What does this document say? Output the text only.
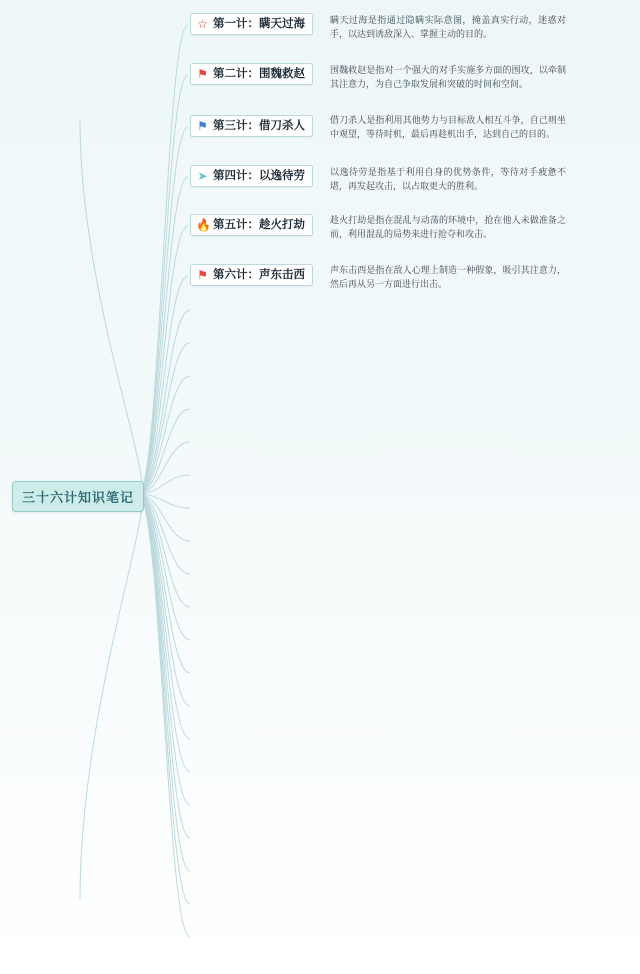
三十六计知识笔记
☆ 第一计：瞒天过海	瞒天过海是指通过隐瞒实际意图，掩盖真实行动，迷惑对手，以达到诱敌深入、掌握主动的目的。
⚑ 第二计：围魏救赵	围魏救赵是指对一个强大的对手实施多方面的围攻，以牵制其注意力，为自己争取发展和突破的时间和空间。
⚑ 第三计：借刀杀人	借刀杀人是指利用其他势力与目标敌人相互斗争，自己则坐中观望，等待时机，最后再趁机出手，达到自己的目的。
➤ 第四计：以逸待劳	以逸待劳是指基于利用自身的优势条件，等待对手疲惫不堪，再发起攻击，以占取更大的胜利。
🔥 第五计：趁火打劫	趁火打劫是指在混乱与动荡的环境中，抢在他人未做准备之前，利用混乱的局势来进行抢夺和攻击。
⚑ 第六计：声东击西	声东击西是指在敌人心理上制造一种假象，吸引其注意力，然后再从另一方面进行出击。
